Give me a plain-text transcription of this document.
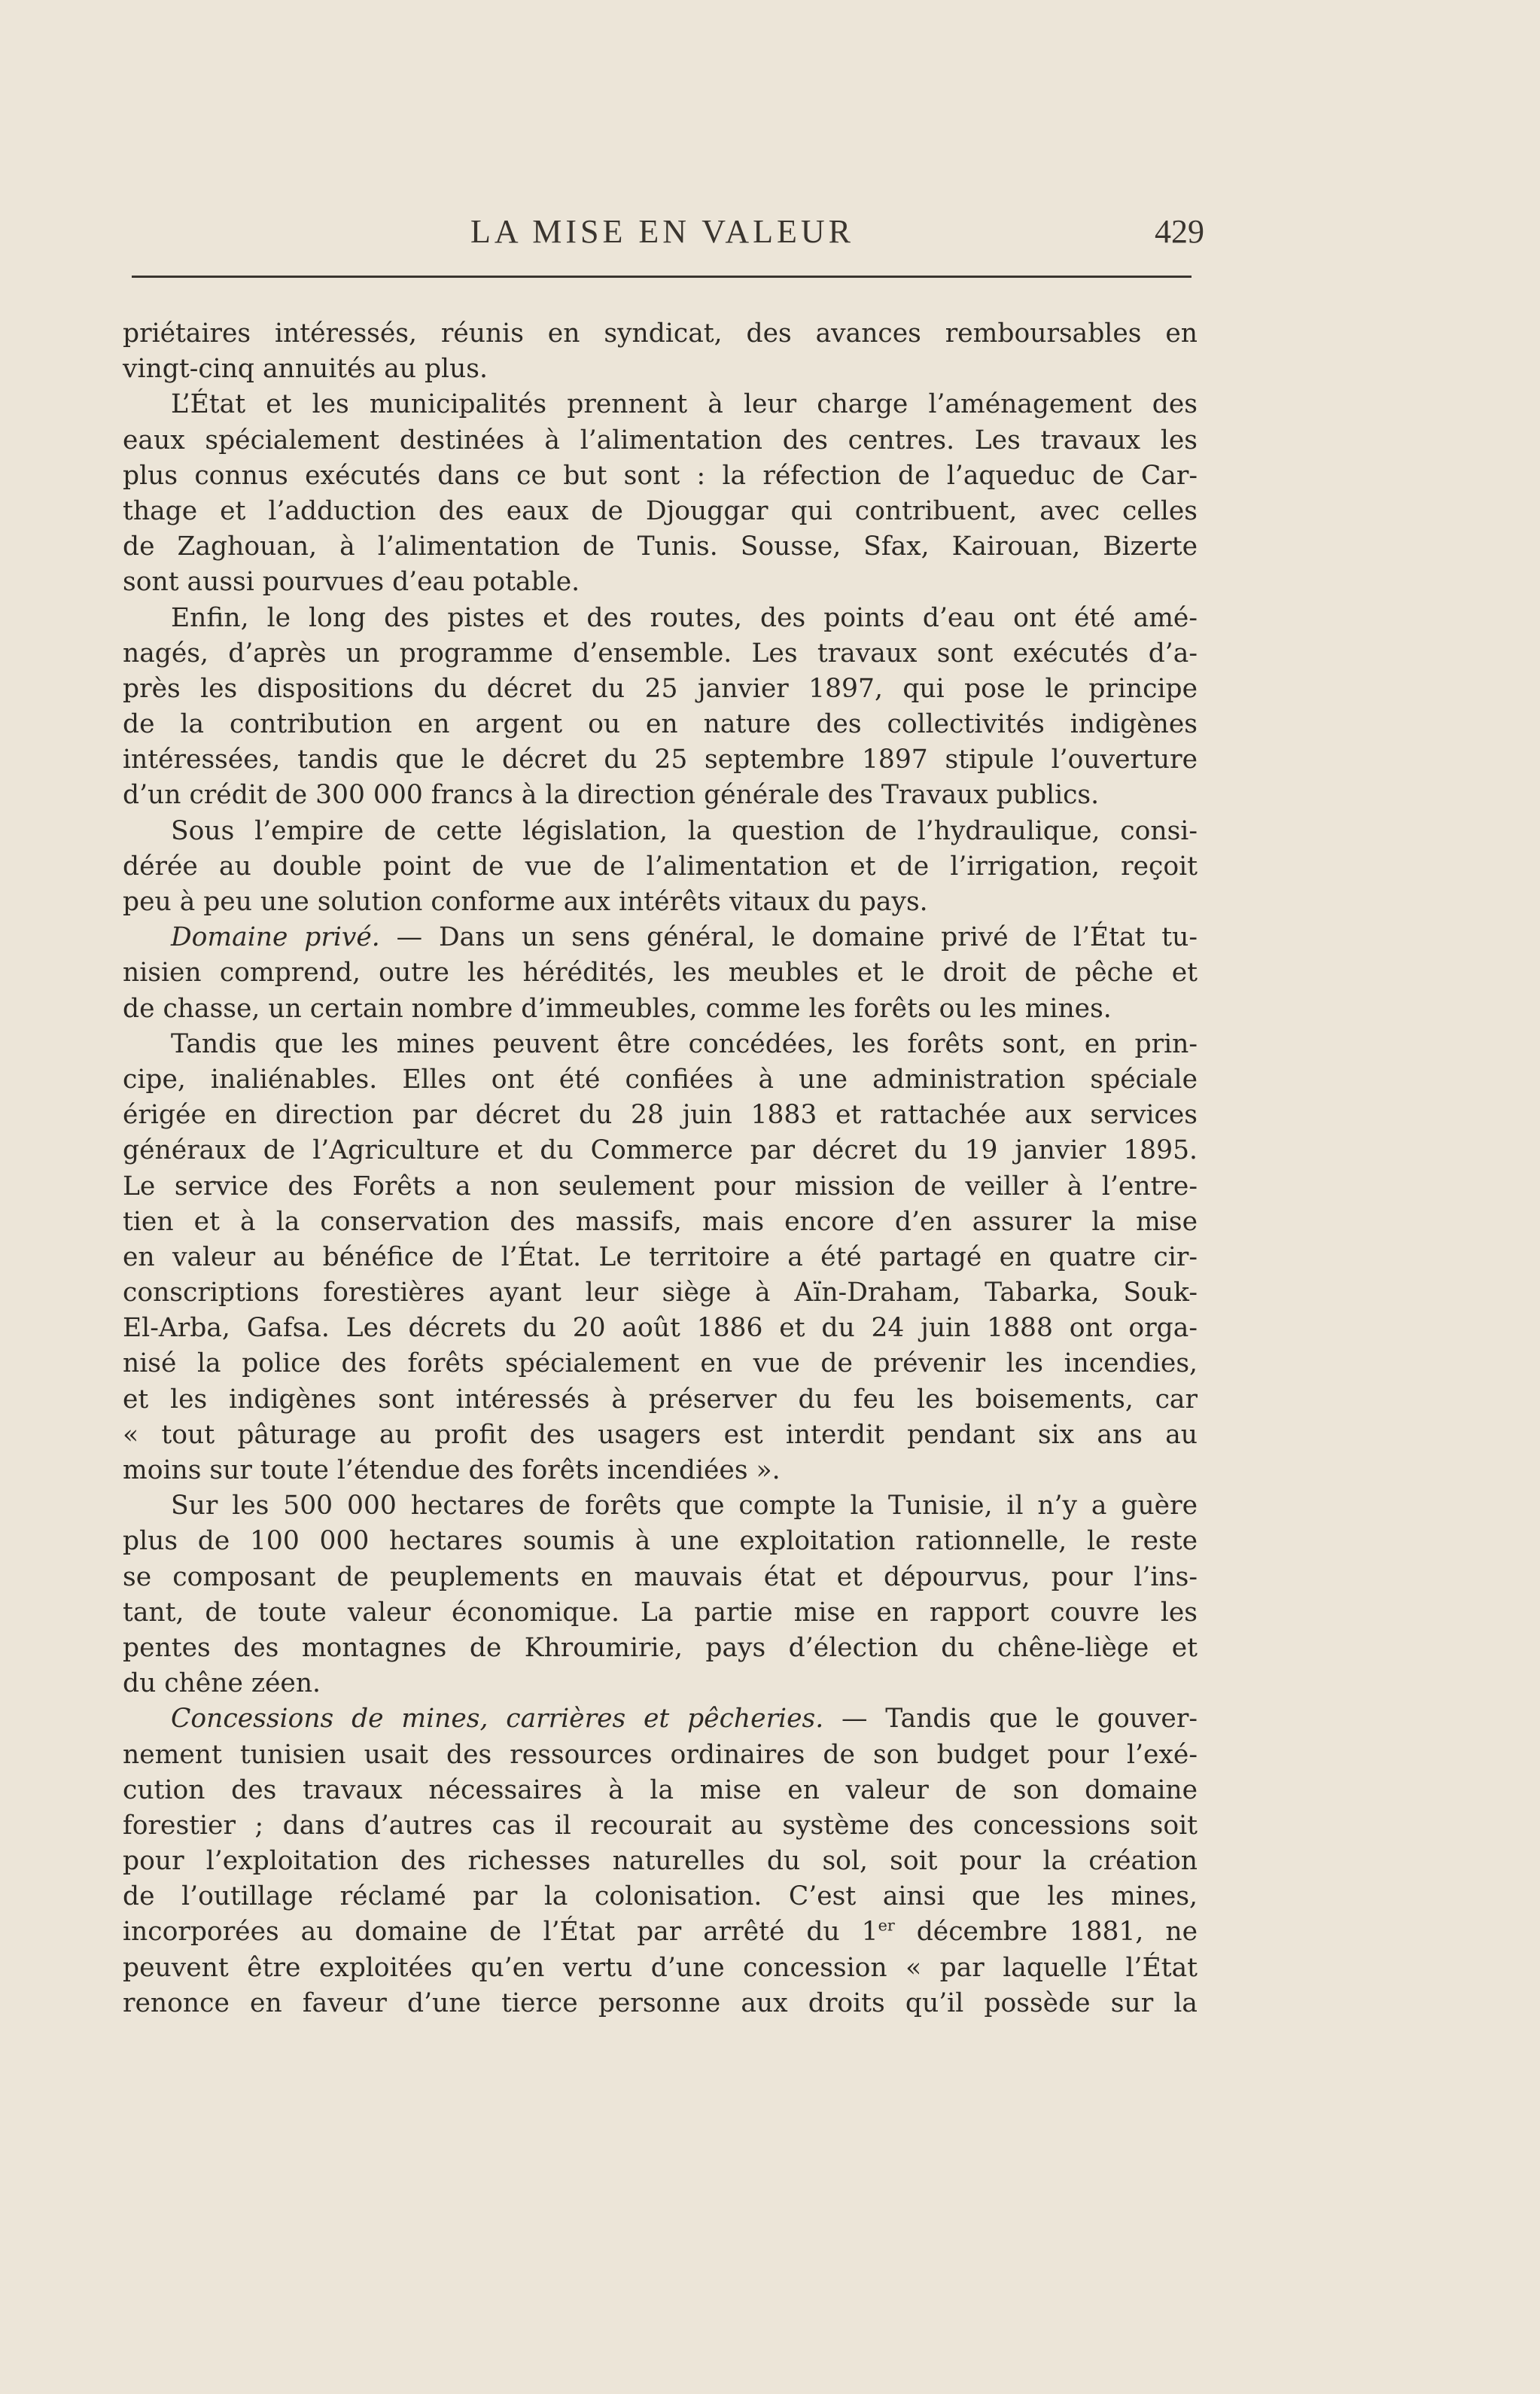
LA MISE EN VALEUR	429
priétaires intéressés, réunis en syndicat, des avances remboursables en
vingt-cinq annuités au plus.
L’État et les municipalités prennent à leur charge l’aménagement des
eaux spécialement destinées à l’alimentation des centres. Les travaux les
plus connus exécutés dans ce but sont : la réfection de l’aqueduc de Car-
thage et l’adduction des eaux de Djouggar qui contribuent, avec celles
de Zaghouan, à l’alimentation de Tunis. Sousse, Sfax, Kairouan, Bizerte
sont aussi pourvues d’eau potable.
Enfin, le long des pistes et des routes, des points d’eau ont été amé-
nagés, d’après un programme d’ensemble. Les travaux sont exécutés d’a-
près les dispositions du décret du 25 janvier 1897, qui pose le principe
de la contribution en argent ou en nature des collectivités indigènes
intéressées, tandis que le décret du 25 septembre 1897 stipule l’ouverture
d’un crédit de 300 000 francs à la direction générale des Travaux publics.
Sous l’empire de cette législation, la question de l’hydraulique, consi-
dérée au double point de vue de l’alimentation et de l’irrigation, reçoit
peu à peu une solution conforme aux intérêts vitaux du pays.
Domaine privé. — Dans un sens général, le domaine privé de l’État tu-
nisien comprend, outre les hérédités, les meubles et le droit de pêche et
de chasse, un certain nombre d’immeubles, comme les forêts ou les mines.
Tandis que les mines peuvent être concédées, les forêts sont, en prin-
cipe, inaliénables. Elles ont été confiées à une administration spéciale
érigée en direction par décret du 28 juin 1883 et rattachée aux services
généraux de l’Agriculture et du Commerce par décret du 19 janvier 1895.
Le service des Forêts a non seulement pour mission de veiller à l’entre-
tien et à la conservation des massifs, mais encore d’en assurer la mise
en valeur au bénéfice de l’État. Le territoire a été partagé en quatre cir-
conscriptions forestières ayant leur siège à Aïn-Draham, Tabarka, Souk-
El-Arba, Gafsa. Les décrets du 20 août 1886 et du 24 juin 1888 ont orga-
nisé la police des forêts spécialement en vue de prévenir les incendies,
et les indigènes sont intéressés à préserver du feu les boisements, car
« tout pâturage au profit des usagers est interdit pendant six ans au
moins sur toute l’étendue des forêts incendiées ».
Sur les 500 000 hectares de forêts que compte la Tunisie, il n’y a guère
plus de 100 000 hectares soumis à une exploitation rationnelle, le reste
se composant de peuplements en mauvais état et dépourvus, pour l’ins-
tant, de toute valeur économique. La partie mise en rapport couvre les
pentes des montagnes de Khroumirie, pays d’élection du chêne-liège et
du chêne zéen.
Concessions de mines, carrières et pêcheries. — Tandis que le gouver-
nement tunisien usait des ressources ordinaires de son budget pour l’exé-
cution des travaux nécessaires à la mise en valeur de son domaine
forestier ; dans d’autres cas il recourait au système des concessions soit
pour l’exploitation des richesses naturelles du sol, soit pour la création
de l’outillage réclamé par la colonisation. C’est ainsi que les mines,
incorporées au domaine de l’État par arrêté du 1er décembre 1881, ne
peuvent être exploitées qu’en vertu d’une concession « par laquelle l’État
renonce en faveur d’une tierce personne aux droits qu’il possède sur la
